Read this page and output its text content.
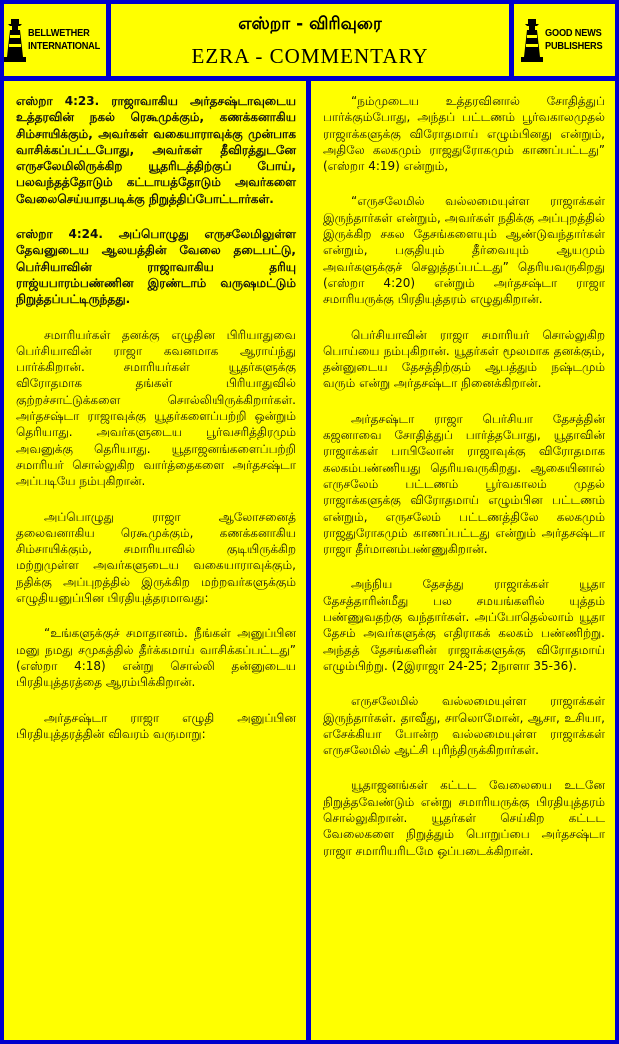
BELLWETHER
INTERNATIONAL
எஸ்றா - விரிவுரை
EZRA - COMMENTARY
GOOD NEWS
PUBLISHERS

எஸ்றா 4:23. ராஜாவாகிய அர்தசஷ்டாவுடைய உத்தரவின் நகல் ரெகூமுக்கும், கணக்கனாகிய சிம்சாயிக்கும், அவர்கள் வகையாராவுக்கு முன்பாக வாசிக்கப்பட்டபோது, அவர்கள் தீவிரத்துடனே எருசலேமிலிருக்கிற யூதரிடத்திற்குப் போய், பலவந்தத்தோடும் கட்டாயத்தோடும் அவர்களை வேலைசெய்யாதபடிக்கு நிறுத்திப்போட்டார்கள்.

எஸ்றா 4:24. அப்பொழுது எருசலேமிலுள்ள தேவனுடைய ஆலயத்தின் வேலை தடைபட்டு, பெர்சியாவின் ராஜாவாகிய தரியு ராஜ்யபாரம்பண்ணின இரண்டாம் வருஷமட்டும் நிறுத்தப்பட்டிருந்தது.

சமாரியர்கள் தனக்கு எழுதின பிரியாதுவை பெர்சியாவின் ராஜா கவனமாக ஆராய்ந்து பார்க்கிறான். சமாரியர்கள் யூதர்களுக்கு விரோதமாக தங்கள் பிரியாதுவில் குற்றச்சாட்டுக்களை சொல்லியிருக்கிறார்கள். அர்தசஷ்டா ராஜாவுக்கு யூதர்களைப்பற்றி ஒன்றும் தெரியாது. அவர்களுடைய பூர்வசரித்திரமும் அவனுக்கு தெரியாது. யூதாஜனங்களைப்பற்றி சமாரியர் சொல்லுகிற வார்த்தைகளை அர்தசஷ்டா அப்படியே நம்புகிறான்.

அப்பொழுது ராஜா ஆலோசனைத் தலைவனாகிய ரெகூமுக்கும், கணக்கனாகிய சிம்சாயிக்கும், சமாரியாவில் குடியிருக்கிற மற்றுமுள்ள அவர்களுடைய வகையாராவுக்கும், நதிக்கு அப்புறத்தில் இருக்கிற மற்றவர்களுக்கும் எழுதியனுப்பின பிரதியுத்தரமாவது:

“உங்களுக்குச் சமாதானம். நீங்கள் அனுப்பின மனு நமது சமுகத்தில் தீர்க்கமாய் வாசிக்கப்பட்டது” (எஸ்றா 4:18) என்று சொல்லி தன்னுடைய பிரதியுத்தரத்தை ஆரம்பிக்கிறான்.

அர்தசஷ்டா ராஜா எழுதி அனுப்பின பிரதியுத்தரத்தின் விவரம் வருமாறு:

“நம்முடைய உத்தரவினால் சோதித்துப் பார்க்கும்போது, அந்தப் பட்டணம் பூர்வகாலமுதல் ராஜாக்களுக்கு விரோதமாய் எழும்பினது என்றும், அதிலே கலகமும் ராஜதுரோகமும் காணப்பட்டது” (எஸ்றா 4:19) என்றும்,

“எருசலேமில் வல்லமையுள்ள ராஜாக்கள் இருந்தார்கள் என்றும், அவர்கள் நதிக்கு அப்புறத்தில் இருக்கிற சகல தேசங்களையும் ஆண்டுவந்தார்கள் என்றும், பகுதியும் தீர்வையும் ஆயமும் அவர்களுக்குச் செலுத்தப்பட்டது” தெரியவருகிறது (எஸ்றா 4:20) என்றும் அர்தசஷ்டா ராஜா சமாரியருக்கு பிரதியுத்தரம் எழுதுகிறான்.

பெர்சியாவின் ராஜா சமாரியர் சொல்லுகிற பொய்யை நம்புகிறான். யூதர்கள் மூலமாக தனக்கும், தன்னுடைய தேசத்திற்கும் ஆபத்தும் நஷ்டமும் வரும் என்று அர்தசஷ்டா நினைக்கிறான்.

அர்தசஷ்டா ராஜா பெர்சியா தேசத்தின் கஜனாவை சோதித்துப் பார்த்தபோது, யூதாவின் ராஜாக்கள் பாபிலோன் ராஜாவுக்கு விரோதமாக கலகம்பண்ணியது தெரியவருகிறது. ஆகையினால் எருசலேம் பட்டணம் பூர்வகாலம் முதல் ராஜாக்களுக்கு விரோதமாய் எழும்பின பட்டணம் என்றும், எருசலேம் பட்டணத்திலே கலகமும் ராஜதுரோகமும் காணப்பட்டது என்றும் அர்தசஷ்டா ராஜா தீர்மானம்பண்ணுகிறான்.

அந்நிய தேசத்து ராஜாக்கள் யூதா தேசத்தாரின்மீது பல சமயங்களில் யுத்தம் பண்ணுவதற்கு வந்தார்கள். அப்போதெல்லாம் யூதா தேசம் அவர்களுக்கு எதிராகக் கலகம் பண்ணிற்று. அந்தத் தேசங்களின் ராஜாக்களுக்கு விரோதமாய் எழும்பிற்று. (2இராஜா 24-25; 2நாளா 35-36).

எருசலேமில் வல்லமையுள்ள ராஜாக்கள் இருந்தார்கள். தாவீது, சாலொமோன், ஆசா, உசியா, எசேக்கியா போன்ற வல்லமையுள்ள ராஜாக்கள் எருசலேமில் ஆட்சி புரிந்திருக்கிறார்கள்.

யூதாஜனங்கள் கட்டட வேலையை உடனே நிறுத்தவேண்டும் என்று சமாரியருக்கு பிரதியுத்தரம் சொல்லுகிறான். யூதர்கள் செய்கிற கட்டட வேலைகளை நிறுத்தும் பொறுப்பை அர்தசஷ்டா ராஜா சமாரியரிடமே ஒப்படைக்கிறான்.
